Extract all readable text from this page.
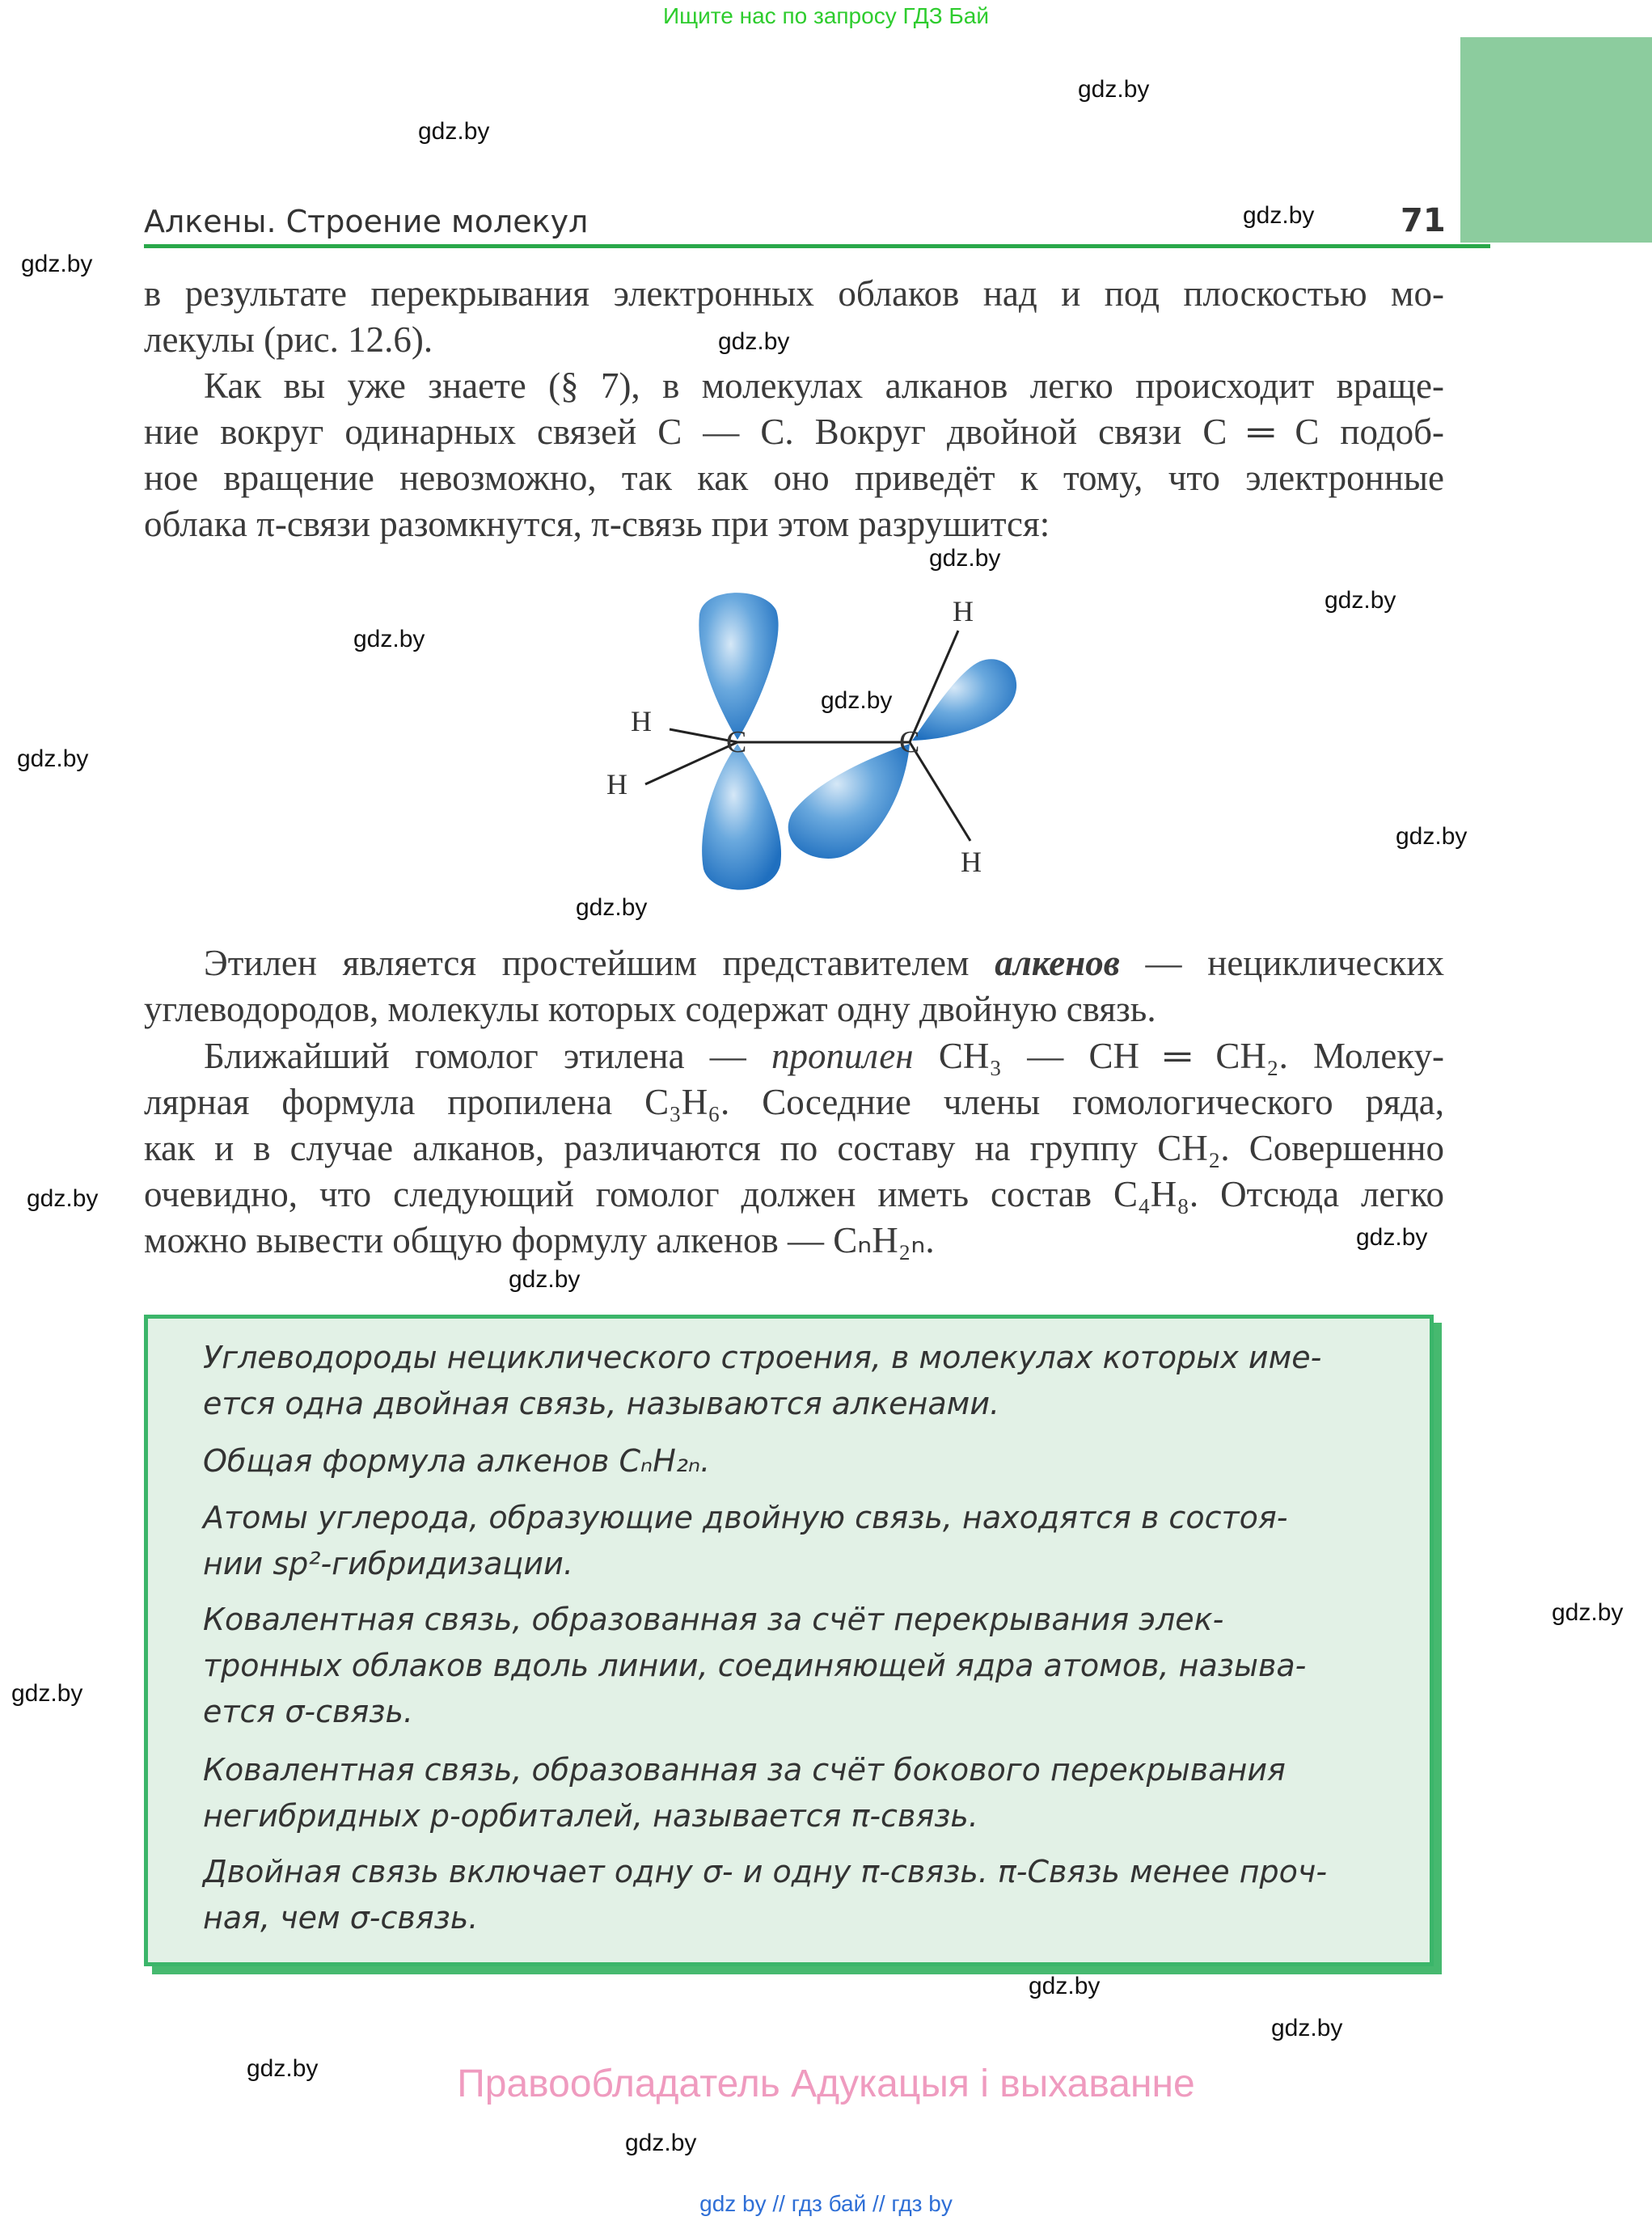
Ищите нас по запросу ГДЗ Бай
Алкены. Строение молекул	71
gdz.by
gdz.by
gdz.by
gdz.by
gdz.by
gdz.by
gdz.by
gdz.by
gdz.by
gdz.by
gdz.by
gdz.by
gdz.by
gdz.by
gdz.by
gdz.by
gdz.by
gdz.by
gdz.by
gdz.by
gdz.by
в результате перекрывания электронных облаков над и под плоскостью мо-
лекулы (рис. 12.6).
Как вы уже знаете (§ 7), в молекулах алканов легко происходит враще-
ние вокруг одинарных связей С — С. Вокруг двойной связи С ═ С подоб-
ное вращение невозможно, так как оно приведёт к тому, что электронные
облака π-связи разомкнутся, π-связь при этом разрушится:
C	C
H
H
H
H
Этилен является простейшим представителем алкенов — нециклических
углеводородов, молекулы которых содержат одну двойную связь.
Ближайший гомолог этилена — пропилен СН₃ — СН ═ СН₂. Молеку-
лярная формула пропилена С₃Н₆. Соседние члены гомологического ряда,
как и в случае алканов, различаются по составу на группу СН₂. Совершенно
очевидно, что следующий гомолог должен иметь состав С₄Н₈. Отсюда легко
можно вывести общую формулу алкенов — CₙH₂ₙ.
Углеводороды нециклического строения, в молекулах которых име-
ется одна двойная связь, называются алкенами.
Общая формула алкенов CₙH₂ₙ.
Атомы углерода, образующие двойную связь, находятся в состоя-
нии sp²-гибридизации.
Ковалентная связь, образованная за счёт перекрывания элек-
тронных облаков вдоль линии, соединяющей ядра атомов, называ-
ется σ-связь.
Ковалентная связь, образованная за счёт бокового перекрывания
негибридных p-орбиталей, называется π-связь.
Двойная связь включает одну σ- и одну π-связь. π-Связь менее проч-
ная, чем σ-связь.
Правообладатель Адукацыя і выхаванне
gdz by // гдз бай // гдз by
